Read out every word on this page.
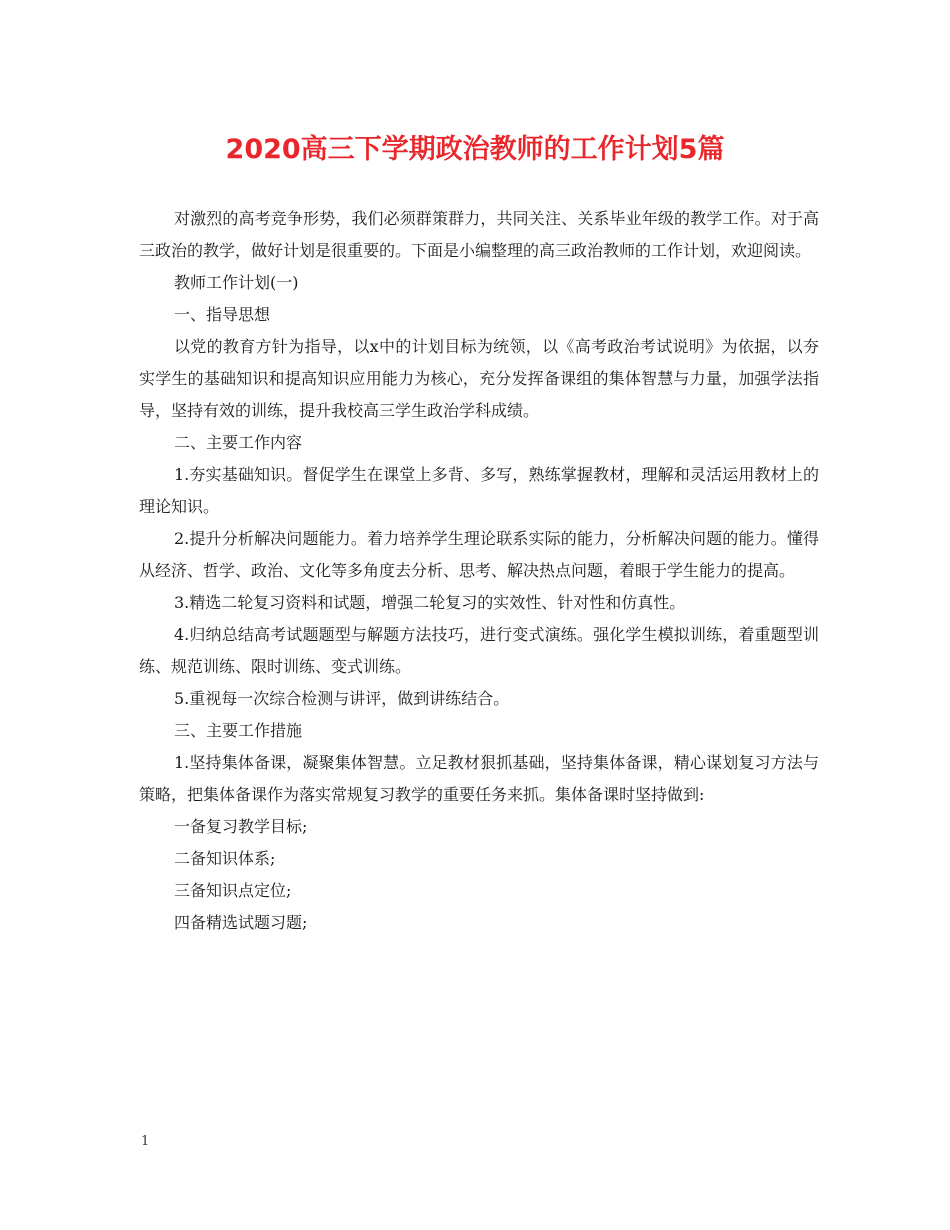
2020高三下学期政治教师的工作计划5篇

对激烈的高考竞争形势，我们必须群策群力，共同关注、关系毕业年级的教学工作。对于高三政治的教学，做好计划是很重要的。下面是小编整理的高三政治教师的工作计划，欢迎阅读。

教师工作计划(一)

一、指导思想

以党的教育方针为指导，以x中的计划目标为统领，以《高考政治考试说明》为依据，以夯实学生的基础知识和提高知识应用能力为核心，充分发挥备课组的集体智慧与力量，加强学法指导，坚持有效的训练，提升我校高三学生政治学科成绩。

二、主要工作内容

1.夯实基础知识。督促学生在课堂上多背、多写，熟练掌握教材，理解和灵活运用教材上的理论知识。

2.提升分析解决问题能力。着力培养学生理论联系实际的能力，分析解决问题的能力。懂得从经济、哲学、政治、文化等多角度去分析、思考、解决热点问题，着眼于学生能力的提高。

3.精选二轮复习资料和试题，增强二轮复习的实效性、针对性和仿真性。

4.归纳总结高考试题题型与解题方法技巧，进行变式演练。强化学生模拟训练，着重题型训练、规范训练、限时训练、变式训练。

5.重视每一次综合检测与讲评，做到讲练结合。

三、主要工作措施

1.坚持集体备课，凝聚集体智慧。立足教材狠抓基础，坚持集体备课，精心谋划复习方法与策略，把集体备课作为落实常规复习教学的重要任务来抓。集体备课时坚持做到:

一备复习教学目标;

二备知识体系;

三备知识点定位;

四备精选试题习题;

1
